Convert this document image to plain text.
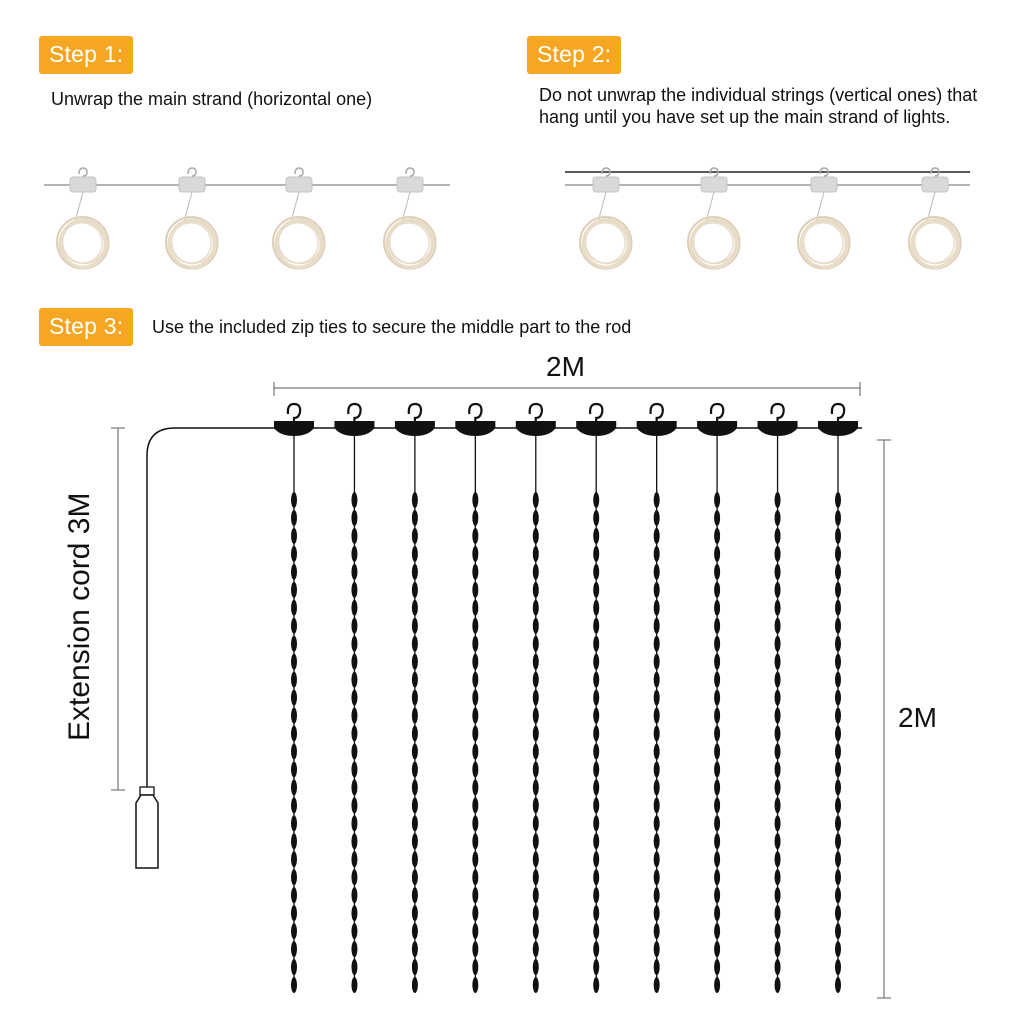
Step 1:
Unwrap the main strand (horizontal one)
Step 2:
Do not unwrap the individual strings (vertical ones) that hang until you have set up the main strand of lights.
Step 3:	Use the included zip ties to secure the middle part to the rod
2M
2M
Extension cord 3M
